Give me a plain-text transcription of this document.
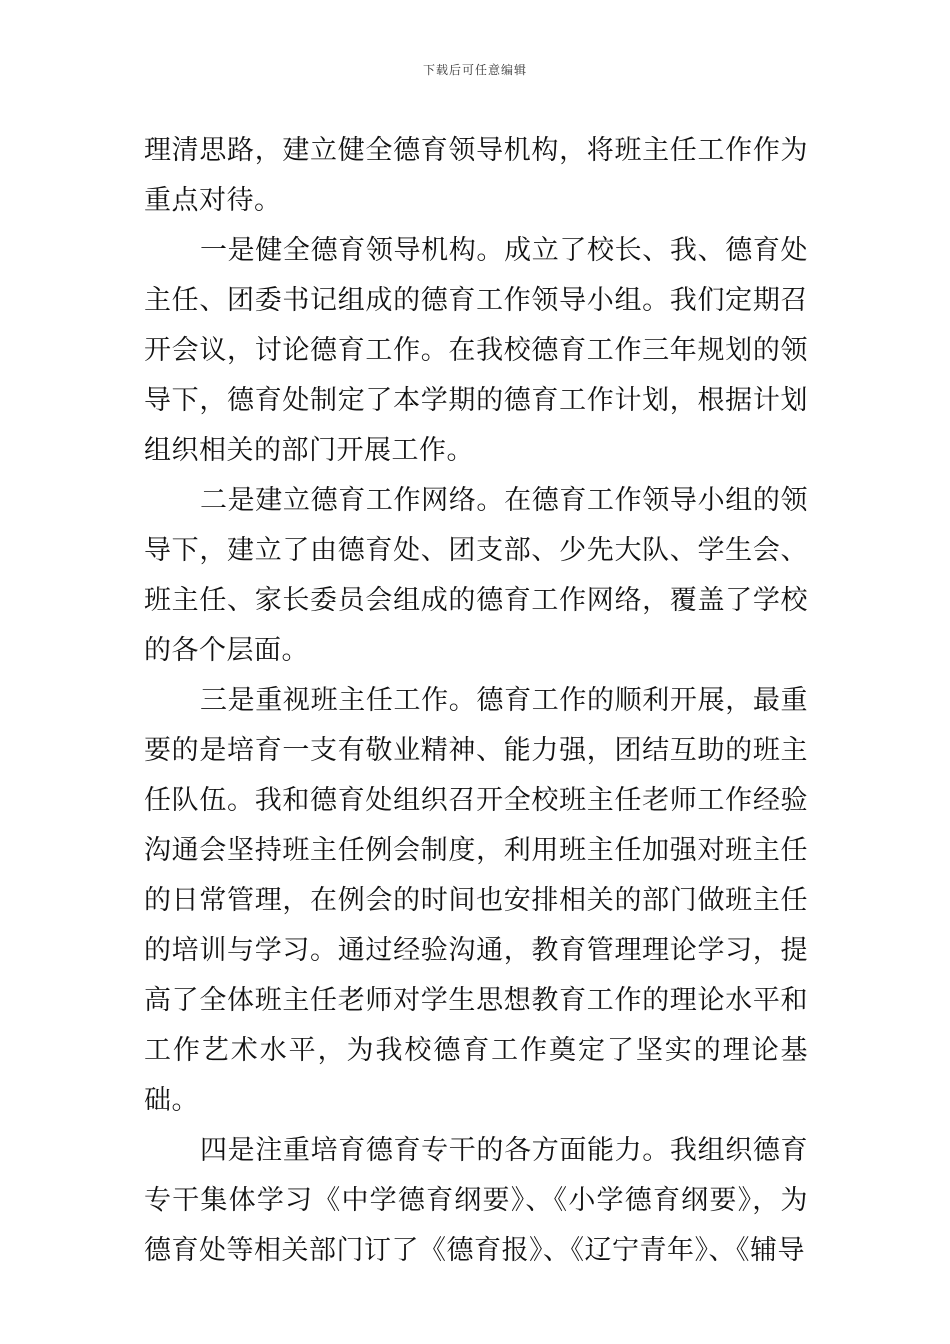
下载后可任意编辑

理清思路，建立健全德育领导机构，将班主任工作作为重点对待。

一是健全德育领导机构。成立了校长、我、德育处主任、团委书记组成的德育工作领导小组。我们定期召开会议，讨论德育工作。在我校德育工作三年规划的领导下，德育处制定了本学期的德育工作计划，根据计划组织相关的部门开展工作。

二是建立德育工作网络。在德育工作领导小组的领导下，建立了由德育处、团支部、少先大队、学生会、班主任、家长委员会组成的德育工作网络，覆盖了学校的各个层面。

三是重视班主任工作。德育工作的顺利开展，最重要的是培育一支有敬业精神、能力强，团结互助的班主任队伍。我和德育处组织召开全校班主任老师工作经验沟通会坚持班主任例会制度，利用班主任加强对班主任的日常管理，在例会的时间也安排相关的部门做班主任的培训与学习。通过经验沟通，教育管理理论学习，提高了全体班主任老师对学生思想教育工作的理论水平和工作艺术水平，为我校德育工作奠定了坚实的理论基础。

四是注重培育德育专干的各方面能力。我组织德育专干集体学习《中学德育纲要》、《小学德育纲要》，为德育处等相关部门订了《德育报》、《辽宁青年》、《辅导
